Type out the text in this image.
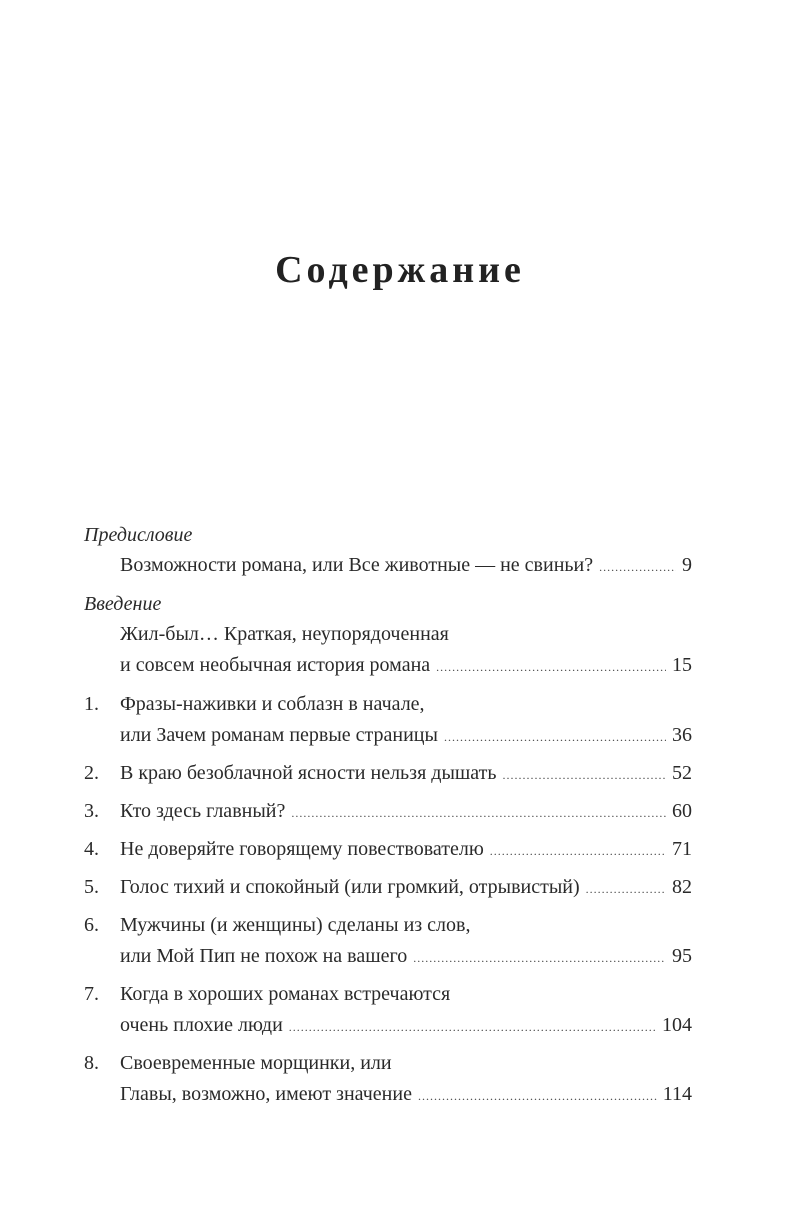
Содержание
Предисловие
Возможности романа, или Все животные — не свиньи? .....	9
Введение
Жил-был… Краткая, неупорядоченная
и совсем необычная история романа .....	15
1.	Фразы-наживки и соблазн в начале,
или Зачем романам первые страницы .....	36
2.	В краю безоблачной ясности нельзя дышать .....	52
3.	Кто здесь главный? .....	60
4.	Не доверяйте говорящему повествователю .....	71
5.	Голос тихий и спокойный (или громкий, отрывистый) .....	82
6.	Мужчины (и женщины) сделаны из слов,
или Мой Пип не похож на вашего .....	95
7.	Когда в хороших романах встречаются
очень плохие люди .....	104
8.	Своевременные морщинки, или
Главы, возможно, имеют значение .....	114
